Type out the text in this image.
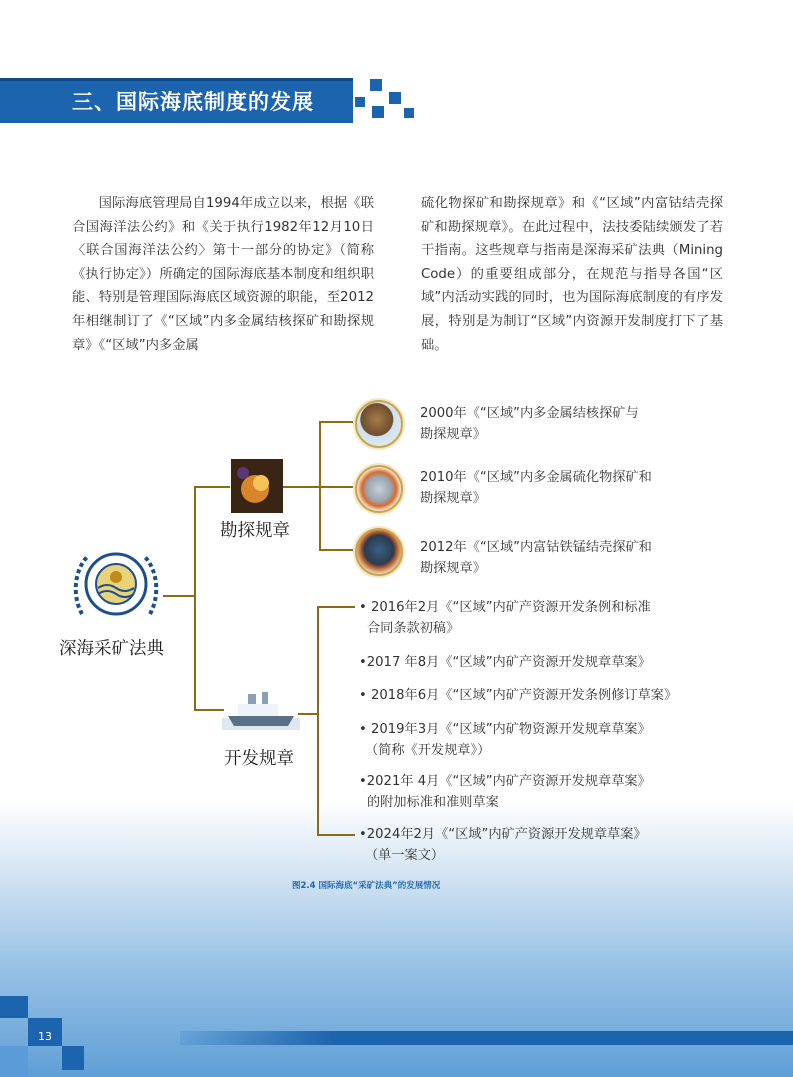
三、国际海底制度的发展

国际海底管理局自1994年成立以来，根据《联合国海洋法公约》和《关于执行1982年12月10日〈联合国海洋法公约〉第十一部分的协定》（简称《执行协定》）所确定的国际海底基本制度和组织职能、特别是管理国际海底区域资源的职能，至2012年相继制订了《“区域”内多金属结核探矿和勘探规章》《“区域”内多金属

硫化物探矿和勘探规章》和《“区域”内富钴结壳探矿和勘探规章》。在此过程中，法技委陆续颁发了若干指南。这些规章与指南是深海采矿法典（Mining Code）的重要组成部分，在规范与指导各国“区域”内活动实践的同时，也为国际海底制度的有序发展，特别是为制订“区域”内资源开发制度打下了基础。

深海采矿法典
勘探规章
开发规章
2000年《“区域”内多金属结核探矿与
勘探规章》
2010年《“区域”内多金属硫化物探矿和
勘探规章》
2012年《“区域”内富钴铁锰结壳探矿和
勘探规章》
• 2016年2月《“区域”内矿产资源开发条例和标准
合同条款初稿》
•2017 年8月《“区域”内矿产资源开发规章草案》
• 2018年6月《“区域”内矿产资源开发条例修订草案》
• 2019年3月《“区域”内矿物资源开发规章草案》
（简称《开发规章》）
•2021年 4月《“区域”内矿产资源开发规章草案》
的附加标准和准则草案
•2024年2月《“区域”内矿产资源开发规章草案》
（单一案文）
图2.4 国际海底“采矿法典”的发展情况
13
